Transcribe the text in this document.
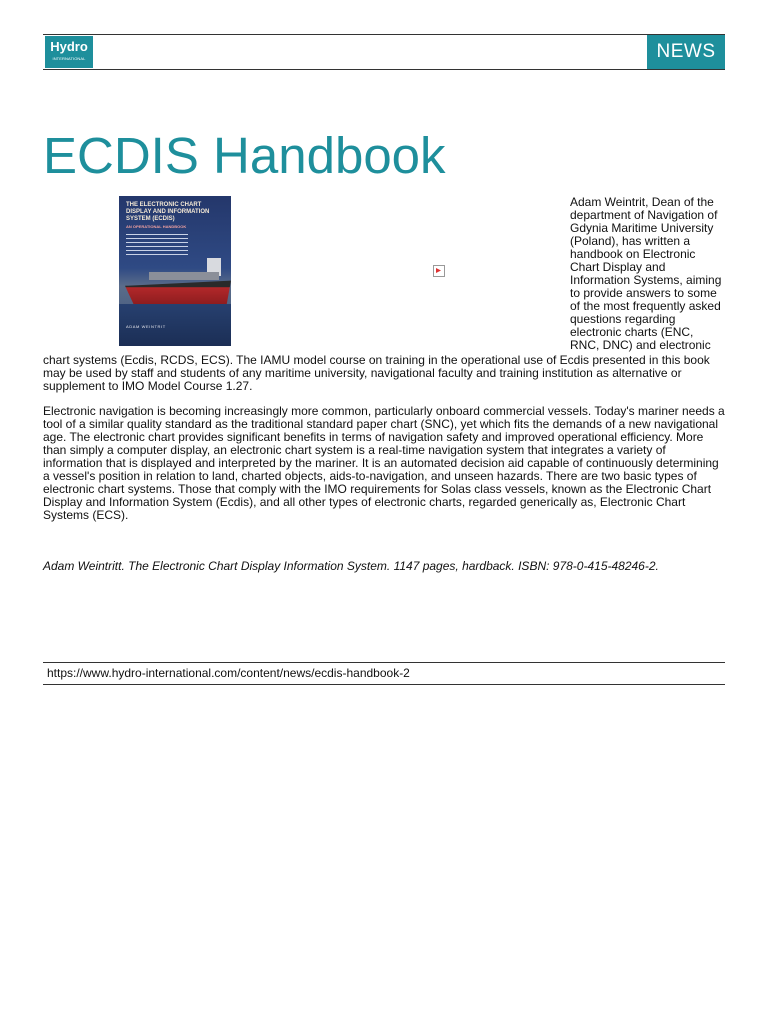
Hydro
INTERNATIONAL	NEWS
ECDIS Handbook
THE ELECTRONIC CHART DISPLAY AND INFORMATION SYSTEM (ECDIS)
AN OPERATIONAL HANDBOOK
ADAM WEINTRIT

Adam Weintrit, Dean of the department of Navigation of Gdynia Maritime University (Poland), has written a handbook on Electronic Chart Display and Information Systems, aiming to provide answers to some of the most frequently asked questions regarding electronic charts (ENC, RNC, DNC) and electronic

chart systems (Ecdis, RCDS, ECS). The IAMU model course on training in the operational use of Ecdis presented in this book may be used by staff and students of any maritime university, navigational faculty and training institution as alternative or supplement to IMO Model Course 1.27.

Electronic navigation is becoming increasingly more common, particularly onboard commercial vessels. Today's mariner needs a tool of a similar quality standard as the traditional standard paper chart (SNC), yet which fits the demands of a new navigational age. The electronic chart provides significant benefits in terms of navigation safety and improved operational efficiency. More than simply a computer display, an electronic chart system is a real-time navigation system that integrates a variety of information that is displayed and interpreted by the mariner. It is an automated decision aid capable of continuously determining a vessel's position in relation to land, charted objects, aids-to-navigation, and unseen hazards. There are two basic types of electronic chart systems. Those that comply with the IMO requirements for Solas class vessels, known as the Electronic Chart Display and Information System (Ecdis), and all other types of electronic charts, regarded generically as, Electronic Chart Systems (ECS).

Adam Weintritt. The Electronic Chart Display Information System. 1147 pages, hardback. ISBN: 978-0-415-48246-2.

https://www.hydro-international.com/content/news/ecdis-handbook-2
